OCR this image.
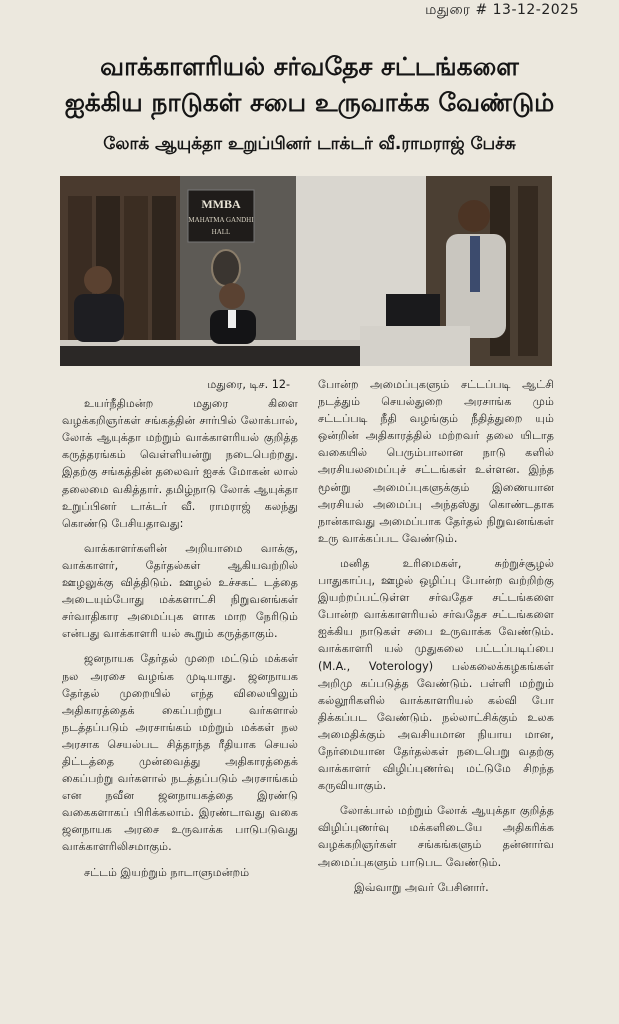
மதுரை # 13-12-2025
வாக்காளரியல் சர்வதேச சட்டங்களை
ஐக்கிய நாடுகள் சபை உருவாக்க வேண்டும்
லோக் ஆயுக்தா உறுப்பினர் டாக்டர் வீ.ராமராஜ் பேச்சு
MMBA
MAHATMA GANDHI
HALL
மதுரை, டிச. 12-

உயர்நீதிமன்ற மதுரை கிளை வழக்கறிஞர்கள் சங்கத்தின் சார்பில் லோக்பால், லோக் ஆயுக்தா மற்றும் வாக்காளரியல் குறித்த கருத்தரங்கம் வெள்ளியன்று நடைபெற்றது. இதற்கு சங்கத்தின் தலைவர் ஐசக் மோகன் லால் தலைமை வகித்தார். தமிழ்நாடு லோக் ஆயுக்தா உறுப்பினர் டாக்டர் வீ. ராமராஜ் கலந்து கொண்டு பேசியதாவது:

வாக்காளர்களின் அறியாமை வாக்கு, வாக்காளர், தேர்தல்கள் ஆகியவற்றில் ஊழலுக்கு வித்திடும். ஊழல் உச்சகட் டத்தை அடையும்போது மக்களாட்சி நிறுவனங்கள் சர்வாதிகார அமைப்புக ளாக மாற நேரிடும் என்பது வாக்காளரி யல் கூறும் கருத்தாகும்.

ஜனநாயக தேர்தல் முறை மட்டும் மக்கள் நல அரசை வழங்க முடியாது. ஜனநாயக தேர்தல் முறையில் எந்த விலையிலும் அதிகாரத்தைக் கைப்பற்றுப வர்களால் நடத்தப்படும் அரசாங்கம் மற்றும் மக்கள் நல அரசாக செயல்பட சித்தாந்த ரீதியாக செயல் திட்டத்தை முன்வைத்து அதிகாரத்தைக் கைப்பற்று வர்களால் நடத்தப்படும் அரசாங்கம் என நவீன ஜனநாயகத்தை இரண்டு வகைகளாகப் பிரிக்கலாம். இரண்டாவது வகை ஜனநாயக அரசை உருவாக்க பாடுபடுவது வாக்காளரிலிசமாகும்.

சட்டம் இயற்றும் நாடாளுமன்றம்

போன்ற அமைப்புகளும் சட்டப்படி ஆட்சி நடத்தும் செயல்துறை அரசாங்க மும் சட்டப்படி நீதி வழங்கும் நீதித்துறை யும் ஒன்றின் அதிகாரத்தில் மற்றவர் தலை யிடாத வகையில் பெரும்பாலான நாடு களில் அரசியலமைப்புச் சட்டங்கள் உள்ளன. இந்த மூன்று அமைப்புகளுக்கும் இணையான அரசியல் அமைப்பு அந்தஸ்து கொண்டதாக நான்காவது அமைப்பாக தேர்தல் நிறுவனங்கள் உரு வாக்கப்பட வேண்டும்.

மனித உரிமைகள், சுற்றுச்சூழல் பாதுகாப்பு, ஊழல் ஒழிப்பு போன்ற வற்றிற்கு இயற்றப்பட்டுள்ள சர்வதேச சட்டங்களை போன்ற வாக்காளரியல் சர்வதேச சட்டங்களை ஐக்கிய நாடுகள் சபை உருவாக்க வேண்டும். வாக்காளரி யல் முதுகலை பட்டப்படிப்பை (M.A., Voterology) பல்கலைக்கழகங்கள் அறிமு கப்படுத்த வேண்டும். பள்ளி மற்றும் கல்லூரிகளில் வாக்காளரியல் கல்வி போ திக்கப்பட வேண்டும். நல்லாட்சிக்கும் உலக அமைதிக்கும் அவசியமான நியாய மான, நேர்மையான தேர்தல்கள் நடைபெறு வதற்கு வாக்காளர் விழிப்புணர்வு மட்டுமே சிறந்த கருவியாகும்.

லோக்பால் மற்றும் லோக் ஆயுக்தா குறித்த விழிப்புணர்வு மக்களிடையே அதிகரிக்க வழக்கறிஞர்கள் சங்கங்களும் தன்னார்வ அமைப்புகளும் பாடுபட வேண்டும்.

இவ்வாறு அவர் பேசினார்.
